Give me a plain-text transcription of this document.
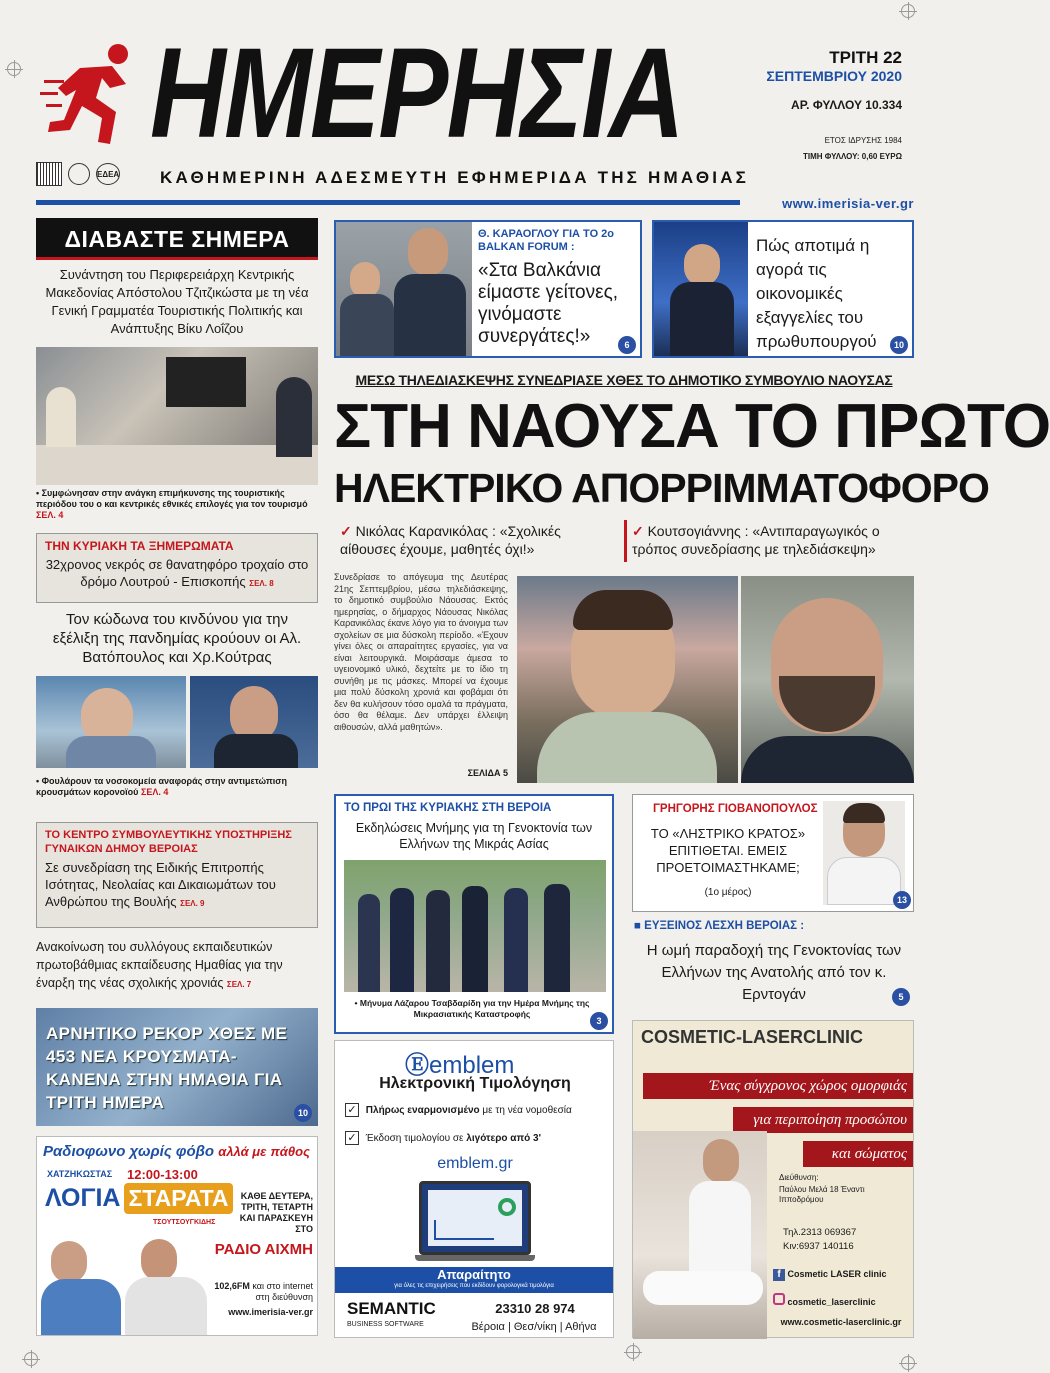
ΗΜΕΡΗΣΙΑ
ΕΔΕΑ ΚΑΘΗΜΕΡΙΝΗ ΑΔΕΣΜΕΥΤΗ ΕΦΗΜΕΡΙΔΑ ΤΗΣ ΗΜΑΘΙΑΣ
ΤΡΙΤΗ 22
ΣΕΠΤΕΜΒΡΙΟΥ 2020
ΑΡ. ΦΥΛΛΟΥ 10.334
ΕΤΟΣ ΙΔΡΥΣΗΣ 1984
ΤΙΜΗ ΦΥΛΛΟΥ: 0,60 ΕΥΡΩ
www.imerisia-ver.gr
ΔΙΑΒΑΣΤΕ ΣΗΜΕΡΑ
Συνάντηση του Περιφερειάρχη Κεντρικής Μακεδονίας Απόστολου Τζιτζικώστα με τη νέα Γενική Γραμματέα Τουριστικής Πολιτικής και Ανάπτυξης Βίκυ Λοΐζου
• Συμφώνησαν στην ανάγκη επιμήκυνσης της τουριστικής περιόδου του ο και κεντρικές εθνικές επιλογές για τον τουρισμό ΣΕΛ. 4
ΤΗΝ ΚΥΡΙΑΚΗ ΤΑ ΞΗΜΕΡΩΜΑΤΑ
32χρονος νεκρός σε θανατηφόρο τροχαίο στο δρόμο Λουτρού - Επισκοπής ΣΕΛ. 8
Τον κώδωνα του κινδύνου για την εξέλιξη της πανδημίας κρούουν οι Αλ. Βατόπουλος και Χρ.Κούτρας
• Φουλάρουν τα νοσοκομεία αναφοράς στην αντιμετώπιση κρουσμάτων κορονοϊού ΣΕΛ. 4
ΤΟ ΚΕΝΤΡΟ ΣΥΜΒΟΥΛΕΥΤΙΚΗΣ ΥΠΟΣΤΗΡΙΞΗΣ ΓΥΝΑΙΚΩΝ ΔΗΜΟΥ ΒΕΡΟΙΑΣ
Σε συνεδρίαση της Ειδικής Επιτροπής Ισότητας, Νεολαίας και Δικαιωμάτων του Ανθρώπου της Βουλής ΣΕΛ. 9
Ανακοίνωση του συλλόγους εκπαιδευτικών πρωτοβάθμιας εκπαίδευσης Ημαθίας για την έναρξη της νέας σχολικής χρονιάς ΣΕΛ. 7
ΑΡΝΗΤΙΚΟ ΡΕΚΟΡ ΧΘΕΣ ΜΕ 453 ΝΕΑ ΚΡΟΥΣΜΑΤΑ- ΚΑΝΕΝΑ ΣΤΗΝ ΗΜΑΘΙΑ ΓΙΑ ΤΡΙΤΗ ΗΜΕΡΑ
10
Ραδιοφωνο χωρίς φόβο αλλά με πάθος
ΧΑΤΖΗΚΩΣΤΑΣ 12:00-13:00
ΛΟΓΙΑ ΣΤΑΡΑΤΑ
ΤΣΟΥΤΣΟΥΓΚΙΔΗΣ
ΚΑΘΕ ΔΕΥΤΕΡΑ, ΤΡΙΤΗ, ΤΕΤΑΡΤΗ ΚΑΙ ΠΑΡΑΣΚΕΥΗ ΣΤΟ
ΡΑΔΙΟ ΑΙΧΜΗ
102,6FM και στο internet στη διεύθυνση
www.imerisia-ver.gr
Θ. ΚΑΡΑΟΓΛΟΥ ΓΙΑ ΤΟ 2ο BALKAN FORUM :
«Στα Βαλκάνια είμαστε γείτονες, γινόμαστε συνεργάτες!»	6
Πώς αποτιμά η αγορά τις οικονομικές εξαγγελίες του πρωθυπουργού	10
ΜΕΣΩ ΤΗΛΕΔΙΑΣΚΕΨΗΣ ΣΥΝΕΔΡΙΑΣΕ ΧΘΕΣ ΤΟ ΔΗΜΟΤΙΚΟ ΣΥΜΒΟΥΛΙΟ ΝΑΟΥΣΑΣ
ΣΤΗ ΝΑΟΥΣΑ ΤΟ ΠΡΩΤΟ
ΗΛΕΚΤΡΙΚΟ ΑΠΟΡΡΙΜΜΑΤΟΦΟΡΟ
✓ Νικόλας Καρανικόλας : «Σχολικές αίθουσες έχουμε, μαθητές όχι!»
✓ Κουτσογιάννης : «Αντιπαραγωγικός ο τρόπος συνεδρίασης με τηλεδιάσκεψη»
Συνεδρίασε το απόγευμα της Δευτέρας 21ης Σεπτεμβρίου, μέσω τηλεδιάσκεψης, το δημοτικό συμβούλιο Νάουσας. Εκτός ημερησίας, ο δήμαρχος Νάουσας Νικόλας Καρανικόλας έκανε λόγο για το άνοιγμα των σχολείων σε μια δύσκολη περίοδο. «Έχουν γίνει όλες οι απαραίτητες εργασίες, για να είναι λειτουργικά. Μοιράσαμε άμεσα το υγειονομικό υλικό, δεχτείτε με το ίδιο τη συνήθη με τις μάσκες. Μπορεί να έχουμε μια πολύ δύσκολη χρονιά και φοβάμαι ότι δεν θα κυλήσουν τόσο ομαλά τα πράγματα, όσο θα θέλαμε. Δεν υπάρχει έλλειψη αιθουσών, αλλά μαθητών».
ΣΕΛΙΔΑ 5
ΤΟ ΠΡΩΙ ΤΗΣ ΚΥΡΙΑΚΗΣ ΣΤΗ ΒΕΡΟΙΑ
Εκδηλώσεις Μνήμης για τη Γενοκτονία των Ελλήνων της Μικράς Ασίας
• Μήνυμα Λάζαρου Τσαβδαρίδη για την Ημέρα Μνήμης της Μικρασιατικής Καταστροφής
3
ΓΡΗΓΟΡΗΣ ΓΙΟΒΑΝΟΠΟΥΛΟΣ
ΤΟ «ΛΗΣΤΡΙΚΟ ΚΡΑΤΟΣ» ΕΠΙΤΙΘΕΤΑΙ. ΕΜΕΙΣ ΠΡΟΕΤΟΙΜΑΣΤΗΚΑΜΕ;
(1ο μέρος)
13
■ ΕΥΞΕΙΝΟΣ ΛΕΣΧΗ ΒΕΡΟΙΑΣ :
Η ωμή παραδοχή της Γενοκτονίας των Ελλήνων της Ανατολής από τον κ. Ερντογάν	5
Ⓔemblem
Ηλεκτρονική Τιμολόγηση
✓ Πλήρως εναρμονισμένο με τη νέα νομοθεσία
✓ Έκδοση τιμολογίου σε λιγότερο από 3'
emblem.gr
Απαραίτητο
για όλες τις επιχειρήσεις που εκδίδουν φορολογικά τιμολόγια
SEMANTIC
BUSINESS SOFTWARE
23310 28 974
Βέροια | Θεσ/νίκη | Αθήνα
COSMETIC-LASERCLINIC
Ένας σύγχρονος χώρος ομορφιάς
για περιποίηση προσώπου
και σώματος
Διεύθυνση:
Παύλου Μελά 18 Έναντι Ιπποδρόμου
Τηλ.2313 069367
Κιν:6937 140116
f Cosmetic LASER clinic
cosmetic_laserclinic
www.cosmetic-laserclinic.gr
